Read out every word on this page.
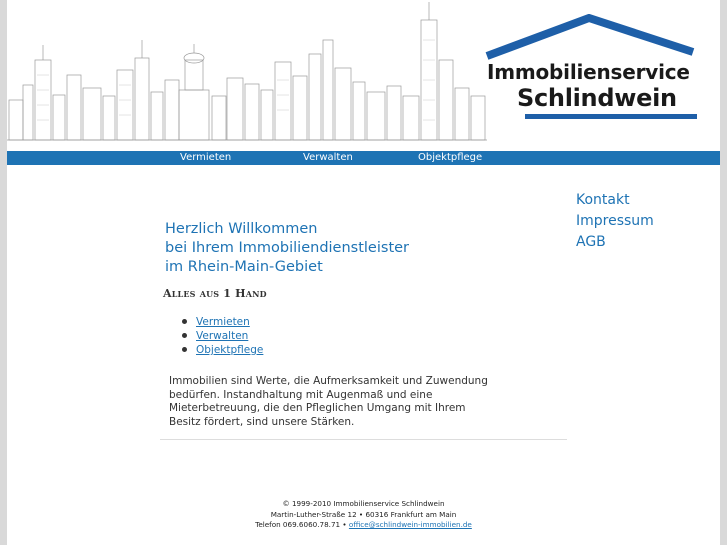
Immobilienservice
Schlindwein
Vermieten	Verwalten	Objektpflege
Kontakt
Impressum
AGB
Herzlich Willkommen
bei Ihrem Immobiliendienstleister
im Rhein-Main-Gebiet
Alles aus 1 Hand
Vermieten
Verwalten
Objektpflege
Immobilien sind Werte, die Aufmerksamkeit und Zuwendung bedürfen. Instandhaltung mit Augenmaß und eine Mieterbetreuung, die den Pfleglichen Umgang mit Ihrem Besitz fördert, sind unsere Stärken.
© 1999-2010 Immobilienservice Schlindwein
Martin-Luther-Straße 12 • 60316 Frankfurt am Main
Telefon 069.6060.78.71 • office@schlindwein-immobilien.de
